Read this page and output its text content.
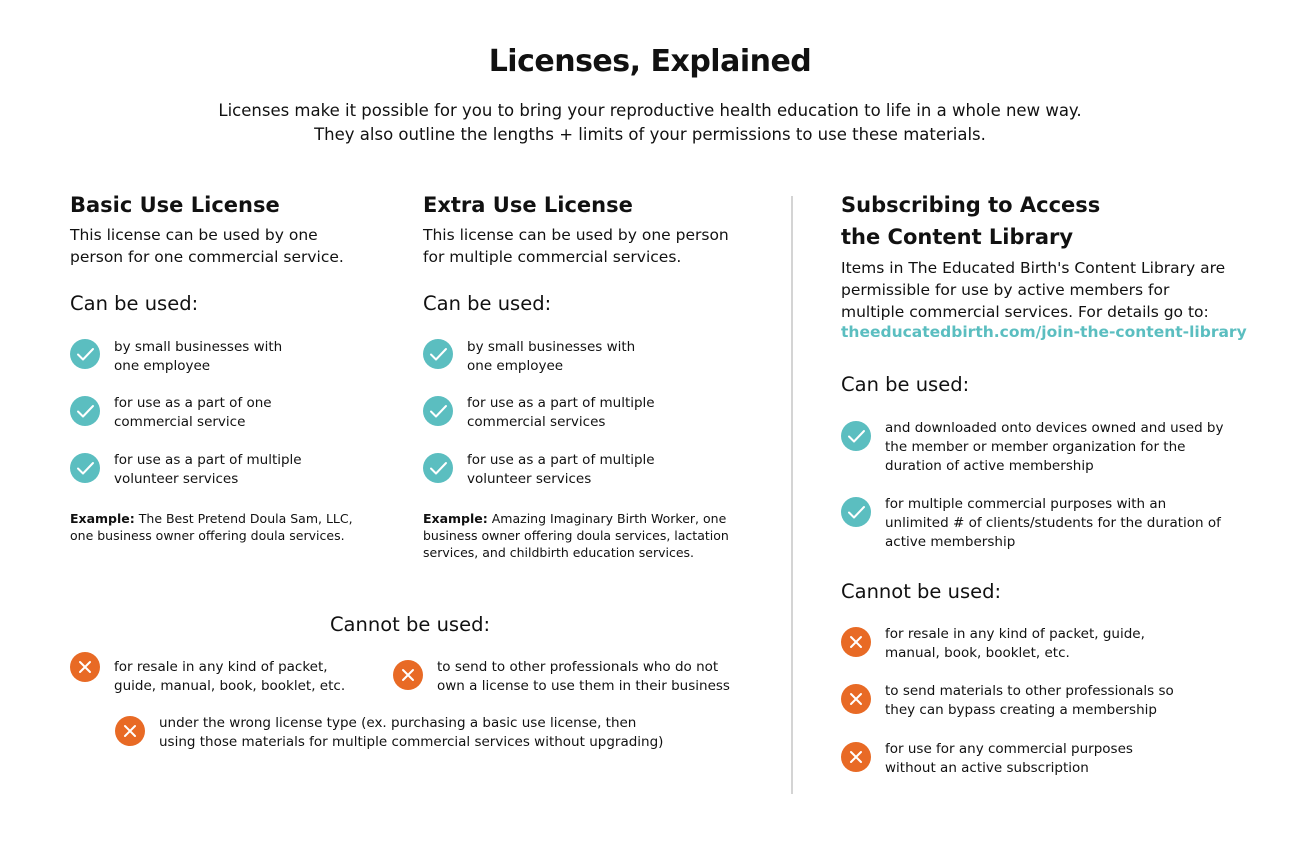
Licenses, Explained
Licenses make it possible for you to bring your reproductive health education to life in a whole new way.
They also outline the lengths + limits of your permissions to use these materials.
Basic Use License
This license can be used by one
person for one commercial service.
Can be used:
by small businesses with
one employee
for use as a part of one
commercial service
for use as a part of multiple
volunteer services
Example: The Best Pretend Doula Sam, LLC,
one business owner offering doula services.
Extra Use License
This license can be used by one person
for multiple commercial services.
Can be used:
by small businesses with
one employee
for use as a part of multiple
commercial services
for use as a part of multiple
volunteer services
Example: Amazing Imaginary Birth Worker, one
business owner offering doula services, lactation
services, and childbirth education services.
Cannot be used:
for resale in any kind of packet,
guide, manual, book, booklet, etc.
to send to other professionals who do not
own a license to use them in their business
under the wrong license type (ex. purchasing a basic use license, then
using those materials for multiple commercial services without upgrading)
Subscribing to Access
the Content Library
Items in The Educated Birth's Content Library are
permissible for use by active members for
multiple commercial services. For details go to:
theeducatedbirth.com/join-the-content-library
Can be used:
and downloaded onto devices owned and used by
the member or member organization for the
duration of active membership
for multiple commercial purposes with an
unlimited # of clients/students for the duration of
active membership
Cannot be used:
for resale in any kind of packet, guide,
manual, book, booklet, etc.
to send materials to other professionals so
they can bypass creating a membership
for use for any commercial purposes
without an active subscription
